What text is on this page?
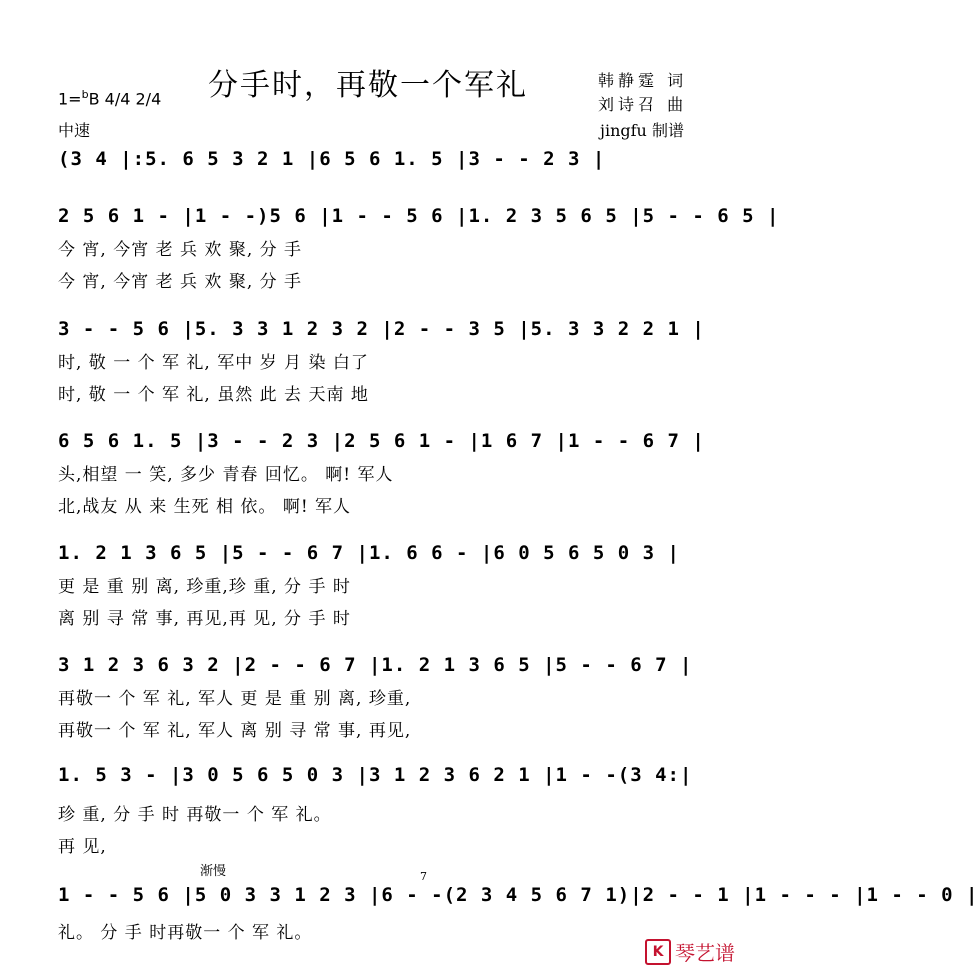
分手时，再敬一个军礼
1=$^b$B 4/4 2/4
中速
韩静霆 词
刘诗召 曲
jingfu 制谱
(3 4 |:5. 6 5 3 2 1 |6 5 6 1. 5 |3 - - 2 3 |
2 5 6 1 - |1 - -)5 6 |1 - - 5 6 |1. 2 3 5 6 5 |5 - - 6 5 |
今 宵, 今宵 老 兵 欢 聚, 分 手
今 宵, 今宵 老 兵 欢 聚, 分 手
3 - - 5 6 |5. 3 3 1 2 3 2 |2 - - 3 5 |5. 3 3 2 2 1 |
时, 敬 一 个 军 礼, 军中 岁 月 染 白了
时, 敬 一 个 军 礼, 虽然 此 去 天南 地
6 5 6 1. 5 |3 - - 2 3 |2 5 6 1 - |1 6 7 |1 - - 6 7 |
头,相望 一 笑, 多少 青春 回忆。 啊! 军人
北,战友 从 来 生死 相 依。 啊! 军人
1. 2 1 3 6 5 |5 - - 6 7 |1. 6 6 - |6 0 5 6 5 0 3 |
更 是 重 别 离, 珍重,珍 重, 分 手 时
离 别 寻 常 事, 再见,再 见, 分 手 时
3 1 2 3 6 3 2 |2 - - 6 7 |1. 2 1 3 6 5 |5 - - 6 7 |
再敬一 个 军 礼, 军人 更 是 重 别 离, 珍重,
再敬一 个 军 礼, 军人 离 别 寻 常 事, 再见,
1. 5 3 - |3 0 5 6 5 0 3 |3 1 2 3 6 2 1 |1 - -(3 4:|
珍 重, 分 手 时 再敬一 个 军 礼。
再 见,
渐慢	7
1 - - 5 6 |5 0 3 3 1 2 3 |6 - -(2 3 4 5 6 7 1)|2 - - 1 |1 - - - |1 - - 0 |
礼。 分 手 时再敬一 个 军 礼。
K 琴艺谱
